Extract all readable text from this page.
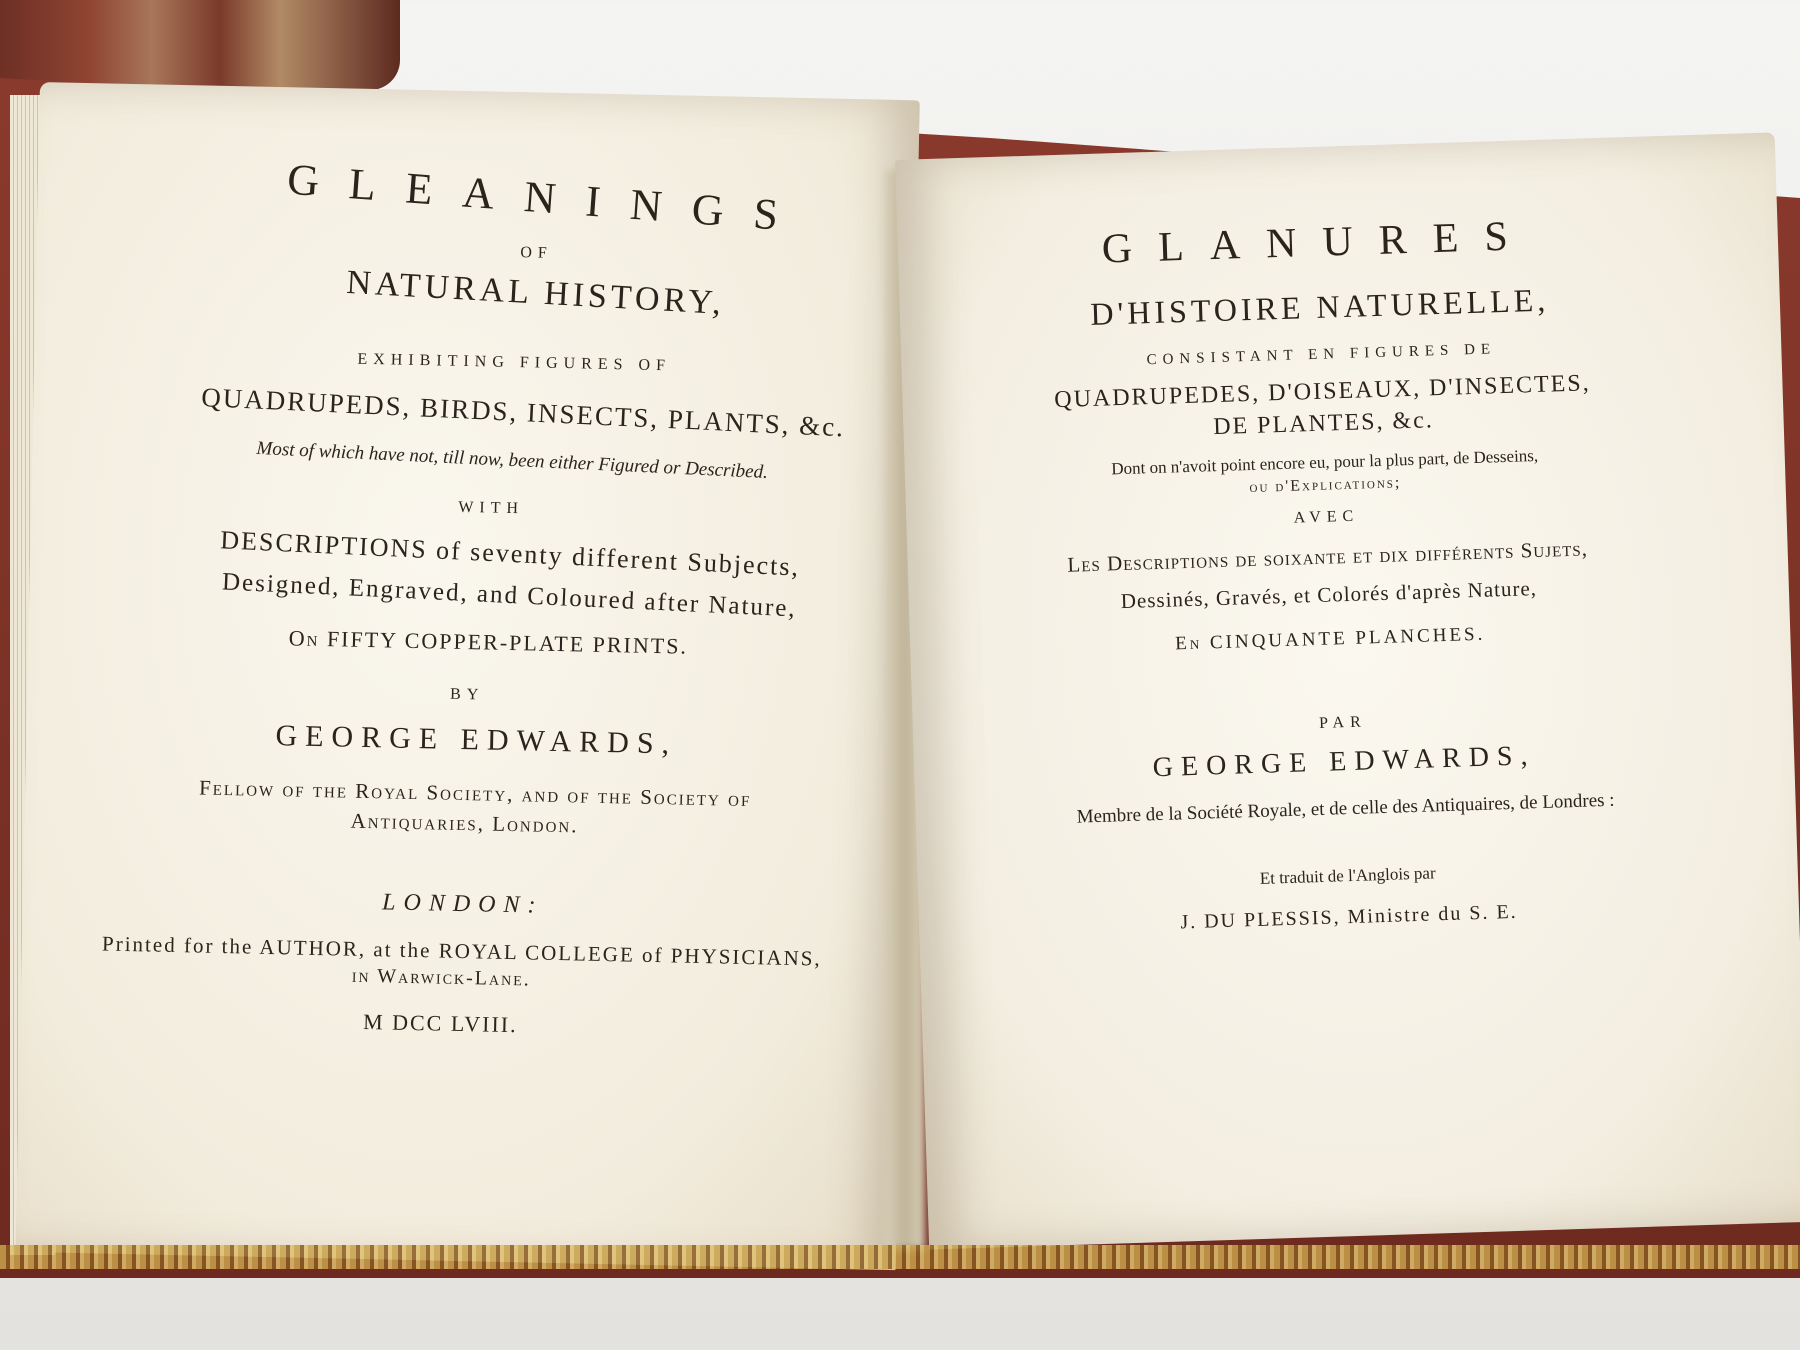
GLEANINGS
OF
NATURAL HISTORY,
EXHIBITING FIGURES OF
QUADRUPEDS, BIRDS, INSECTS, PLANTS, &c.
Most of which have not, till now, been either Figured or Described.
WITH
DESCRIPTIONS of seventy different Subjects,
Designed, Engraved, and Coloured after Nature,
On FIFTY COPPER-PLATE PRINTS.
BY
GEORGE EDWARDS,
Fellow of the Royal Society, and of the Society of
Antiquaries, London.
LONDON:
Printed for the AUTHOR, at the ROYAL COLLEGE of PHYSICIANS,
in Warwick-Lane.
M DCC LVIII.
GLANURES
D'HISTOIRE NATURELLE,
CONSISTANT EN FIGURES DE
QUADRUPEDES, D'OISEAUX, D'INSECTES,
DE PLANTES, &c.
Dont on n'avoit point encore eu, pour la plus part, de Desseins,
ou d'Explications;
AVEC
Les Descriptions de soixante et dix différents Sujets,
Dessinés, Gravés, et Colorés d'après Nature,
En CINQUANTE PLANCHES.
PAR
GEORGE EDWARDS,
Membre de la Société Royale, et de celle des Antiquaires, de Londres :
Et traduit de l'Anglois par
J. DU PLESSIS, Ministre du S. E.
